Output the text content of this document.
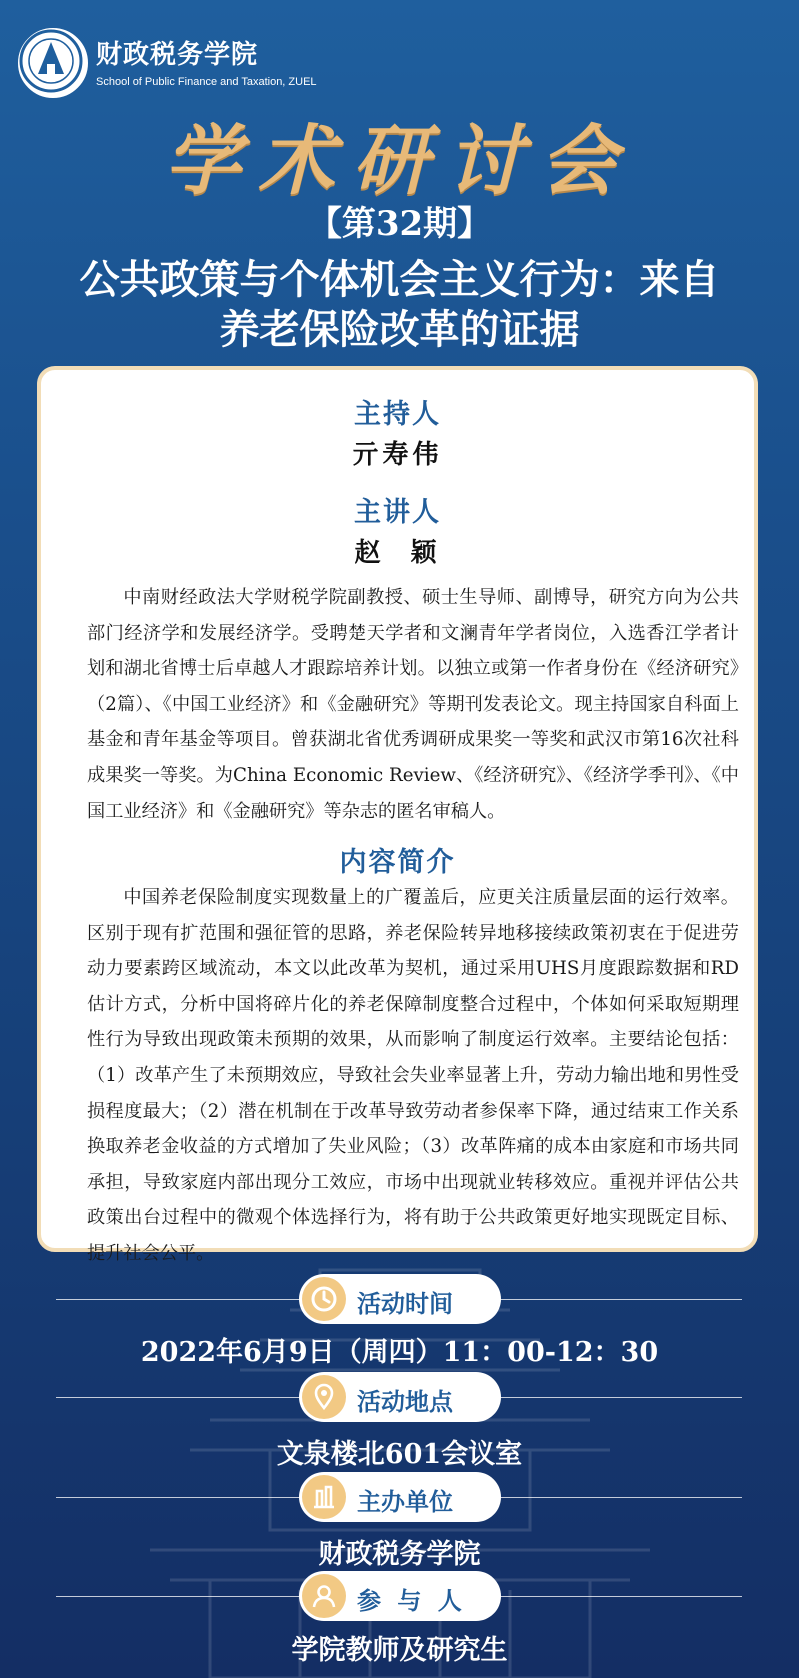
财政税务学院
School of Public Finance and Taxation, ZUEL
学术研讨会
【第32期】
公共政策与个体机会主义行为：来自
养老保险改革的证据
主持人
亓寿伟
主讲人
赵  颖

中南财经政法大学财税学院副教授、硕士生导师、副博导，研究方向为公共部门经济学和发展经济学。受聘楚天学者和文澜青年学者岗位，入选香江学者计划和湖北省博士后卓越人才跟踪培养计划。以独立或第一作者身份在《经济研究》（2篇）、《中国工业经济》和《金融研究》等期刊发表论文。现主持国家自科面上基金和青年基金等项目。曾获湖北省优秀调研成果奖一等奖和武汉市第16次社科成果奖一等奖。为China Economic Review、《经济研究》、《经济学季刊》、《中国工业经济》和《金融研究》等杂志的匿名审稿人。

内容简介

中国养老保险制度实现数量上的广覆盖后，应更关注质量层面的运行效率。区别于现有扩范围和强征管的思路，养老保险转异地移接续政策初衷在于促进劳动力要素跨区域流动，本文以此改革为契机，通过采用UHS月度跟踪数据和RD估计方式，分析中国将碎片化的养老保障制度整合过程中，个体如何采取短期理性行为导致出现政策未预期的效果，从而影响了制度运行效率。主要结论包括：（1）改革产生了未预期效应，导致社会失业率显著上升，劳动力输出地和男性受损程度最大；（2）潜在机制在于改革导致劳动者参保率下降，通过结束工作关系换取养老金收益的方式增加了失业风险；（3）改革阵痛的成本由家庭和市场共同承担，导致家庭内部出现分工效应，市场中出现就业转移效应。重视并评估公共政策出台过程中的微观个体选择行为，将有助于公共政策更好地实现既定目标、提升社会公平。

活动时间
2022年6月9日（周四）11：00-12：30
活动地点
文泉楼北601会议室
主办单位
财政税务学院
参 与 人
学院教师及研究生
